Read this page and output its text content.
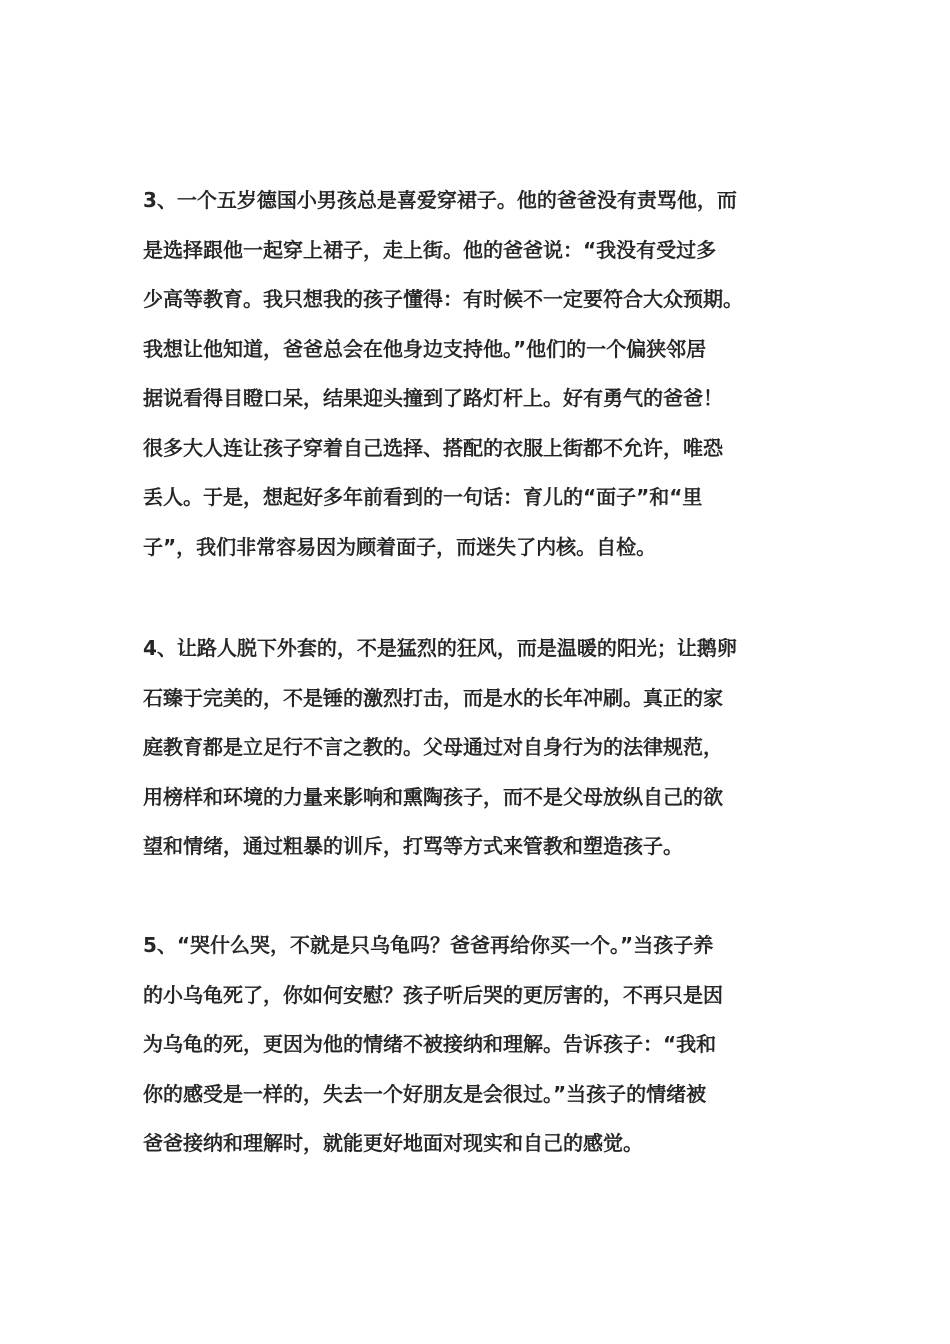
3、一个五岁德国小男孩总是喜爱穿裙子。他的爸爸没有责骂他，而
是选择跟他一起穿上裙子，走上街。他的爸爸说：“我没有受过多
少高等教育。我只想我的孩子懂得：有时候不一定要符合大众预期。
我想让他知道，爸爸总会在他身边支持他。”他们的一个偏狭邻居
据说看得目瞪口呆，结果迎头撞到了路灯杆上。好有勇气的爸爸！
很多大人连让孩子穿着自己选择、搭配的衣服上街都不允许，唯恐
丢人。于是，想起好多年前看到的一句话：育儿的“面子”和“里
子”，我们非常容易因为顾着面子，而迷失了内核。自检。
4、让路人脱下外套的，不是猛烈的狂风，而是温暖的阳光；让鹅卵
石臻于完美的，不是锤的激烈打击，而是水的长年冲刷。真正的家
庭教育都是立足行不言之教的。父母通过对自身行为的法律规范，
用榜样和环境的力量来影响和熏陶孩子，而不是父母放纵自己的欲
望和情绪，通过粗暴的训斥，打骂等方式来管教和塑造孩子。
5、“哭什么哭，不就是只乌龟吗？爸爸再给你买一个。”当孩子养
的小乌龟死了，你如何安慰？孩子听后哭的更厉害的，不再只是因
为乌龟的死，更因为他的情绪不被接纳和理解。告诉孩子：“我和
你的感受是一样的，失去一个好朋友是会很过。”当孩子的情绪被
爸爸接纳和理解时，就能更好地面对现实和自己的感觉。
